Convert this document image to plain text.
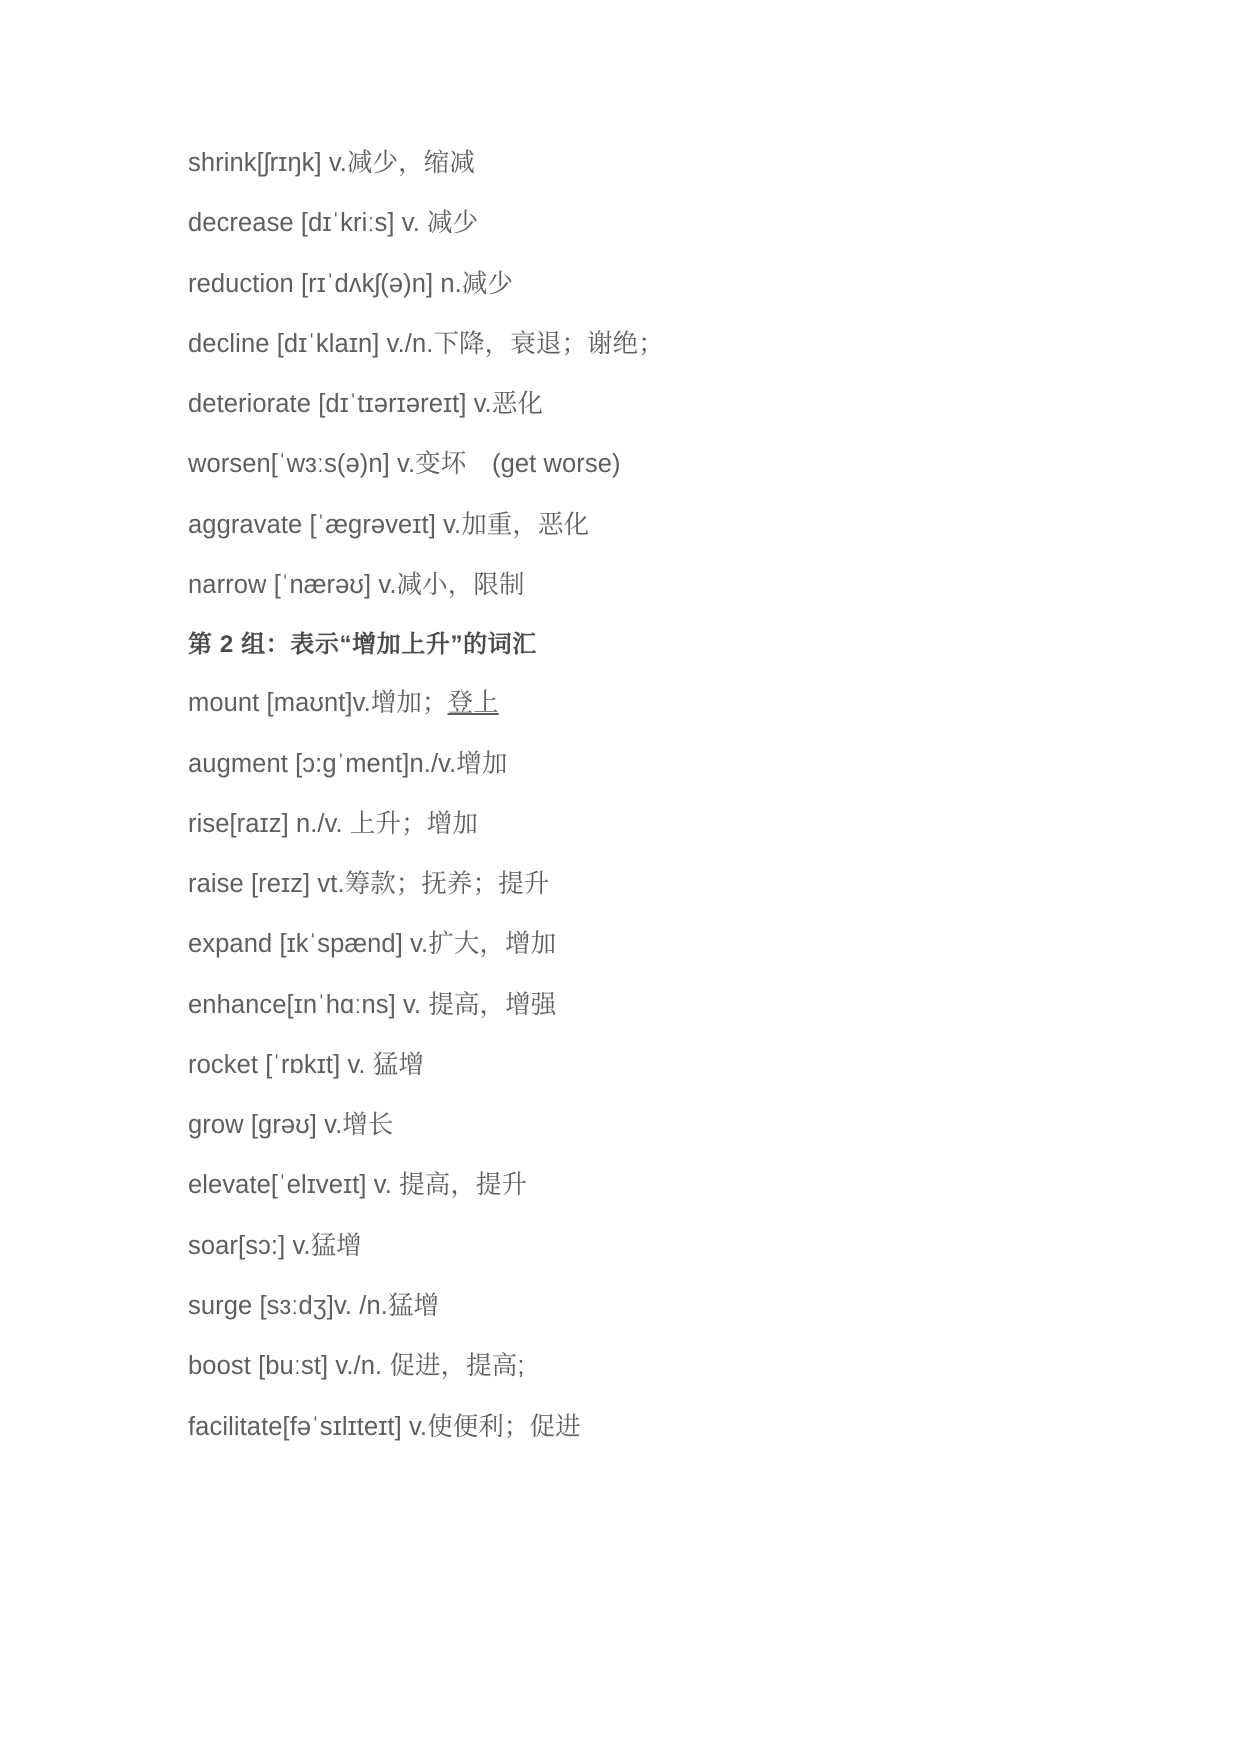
shrink[ʃrɪŋk] v.减少，缩减
decrease [dɪˈkriːs] v. 减少
reduction [rɪˈdʌkʃ(ə)n] n.减少
decline [dɪˈklaɪn] v./n.下降，衰退；谢绝；
deteriorate [dɪˈtɪərɪəreɪt] v.恶化
worsen[ˈwɜːs(ə)n] v.变坏　(get worse)
aggravate [ˈægrəveɪt] v.加重，恶化
narrow [ˈnærəʊ] v.减小，限制
第 2 组：表示“增加上升”的词汇
mount [maʊnt]v.增加；登上
augment [ɔ:gˈment]n./v.增加
rise[raɪz] n./v. 上升；增加
raise [reɪz] vt.筹款；抚养；提升
expand [ɪkˈspænd] v.扩大，增加
enhance[ɪnˈhɑːns] v. 提高，增强
rocket [ˈrɒkɪt] v. 猛增
grow [grəʊ] v.增长
elevate[ˈelɪveɪt] v. 提高，提升
soar[sɔ:] v.猛增
surge [sɜːdʒ]v. /n.猛增
boost [buːst] v./n. 促进，提高;
facilitate[fəˈsɪlɪteɪt] v.使便利；促进
